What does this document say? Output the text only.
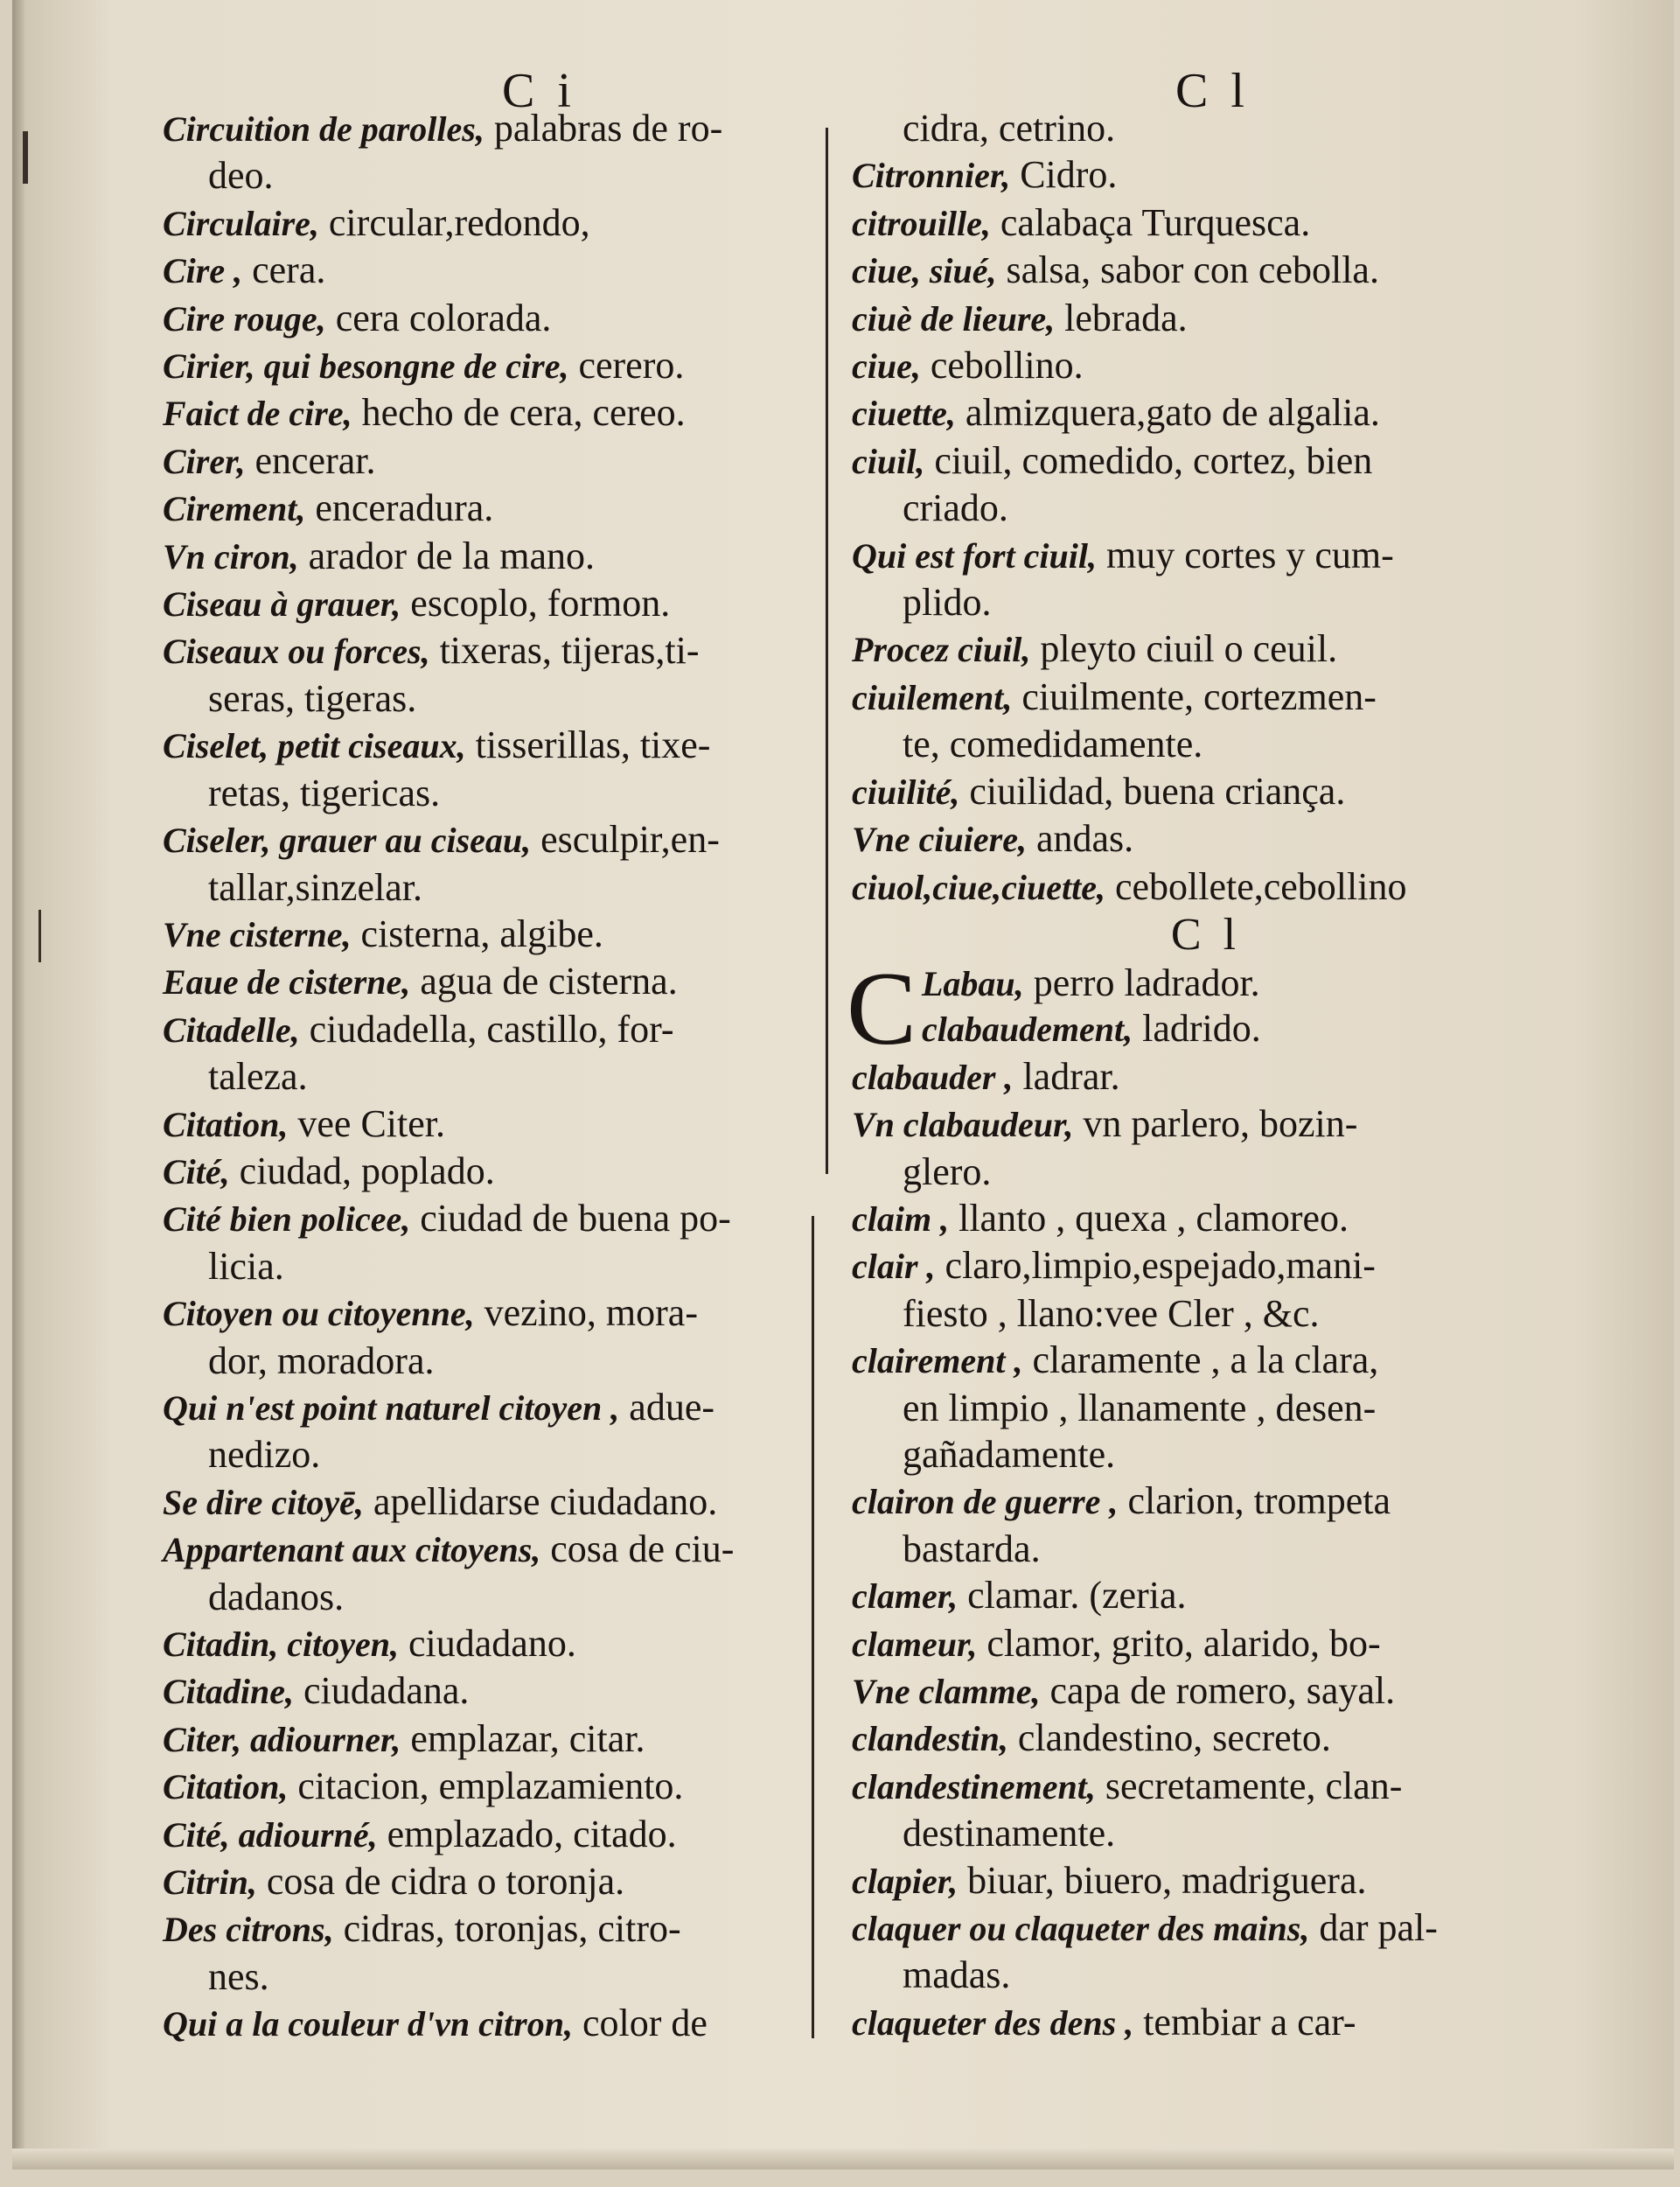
C i	C l
Circuition de parolles, palabras de ro-
deo.
Circulaire, circular,redondo,
Cire , cera.
Cire rouge, cera colorada.
Cirier, qui besongne de cire, cerero.
Faict de cire, hecho de cera, cereo.
Cirer, encerar.
Cirement, enceradura.
Vn ciron, arador de la mano.
Ciseau à grauer, escoplo, formon.
Ciseaux ou forces, tixeras, tijeras,ti-
seras, tigeras.
Ciselet, petit ciseaux, tisserillas, tixe-
retas, tigericas.
Ciseler, grauer au ciseau, esculpir,en-
tallar,sinzelar.
Vne cisterne, cisterna, algibe.
Eaue de cisterne, agua de cisterna.
Citadelle, ciudadella, castillo, for-
taleza.
Citation, vee Citer.
Cité, ciudad, poplado.
Cité bien policee, ciudad de buena po-
licia.
Citoyen ou citoyenne, vezino, mora-
dor, moradora.
Qui n'est point naturel citoyen , adue-
nedizo.
Se dire citoyē, apellidarse ciudadano.
Appartenant aux citoyens, cosa de ciu-
dadanos.
Citadin, citoyen, ciudadano.
Citadine, ciudadana.
Citer, adiourner, emplazar, citar.
Citation, citacion, emplazamiento.
Cité, adiourné, emplazado, citado.
Citrin, cosa de cidra o toronja.
Des citrons, cidras, toronjas, citro-
nes.
Qui a la couleur d'vn citron, color de
cidra, cetrino.
Citronnier, Cidro.
citrouille, calabaça Turquesca.
ciue, siué, salsa, sabor con cebolla.
ciuè de lieure, lebrada.
ciue, cebollino.
ciuette, almizquera,gato de algalia.
ciuil, ciuil, comedido, cortez, bien
criado.
Qui est fort ciuil, muy cortes y cum-
plido.
Procez ciuil, pleyto ciuil o ceuil.
ciuilement, ciuilmente, cortezmen-
te, comedidamente.
ciuilité, ciuilidad, buena criança.
Vne ciuiere, andas.
ciuol,ciue,ciuette, cebollete,cebollino
C l
C Labau, perro ladrador.
clabaudement, ladrido.
clabauder , ladrar.
Vn clabaudeur, vn parlero, bozin-
glero.
claim , llanto , quexa , clamoreo.
clair , claro,limpio,espejado,mani-
fiesto , llano:vee Cler , &c.
clairement , claramente , a la clara,
en limpio , llanamente , desen-
gañadamente.
clairon de guerre , clarion, trompeta
bastarda.
clamer, clamar. (zeria.
clameur, clamor, grito, alarido, bo-
Vne clamme, capa de romero, sayal.
clandestin, clandestino, secreto.
clandestinement, secretamente, clan-
destinamente.
clapier, biuar, biuero, madriguera.
claquer ou claqueter des mains, dar pal-
madas.
claqueter des dens , tembiar a car-
